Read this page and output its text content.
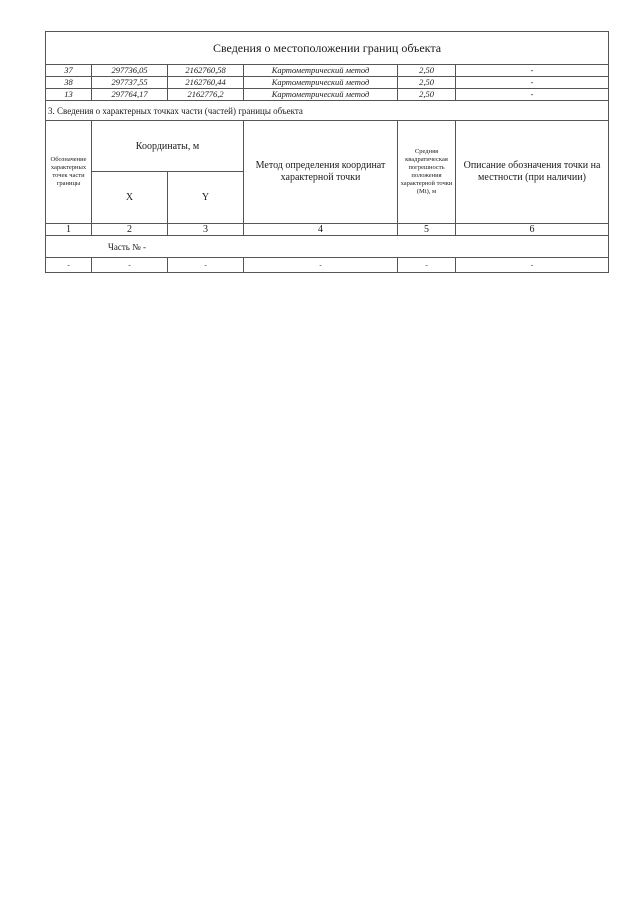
Сведения о местоположении границ объекта					
37	297736,05	2162760,58	Картометрический метод	2,50	-
38	297737,55	2162760,44	Картометрический метод	2,50	-
13	297764,17	2162776,2	Картометрический метод	2,50	-
3. Сведения о характерных точках части (частей) границы объекта					
Обозначение характерных точек части границы	Координаты, м		Метод определения координат характерной точки	Средняя квадратическая погрешность положения характерной точки (Mt), м	Описание обозначения точки на местности (при наличии)
	X	Y			
1	2	3	4	5	6
Часть № -					
-	-	-	-	-	-
